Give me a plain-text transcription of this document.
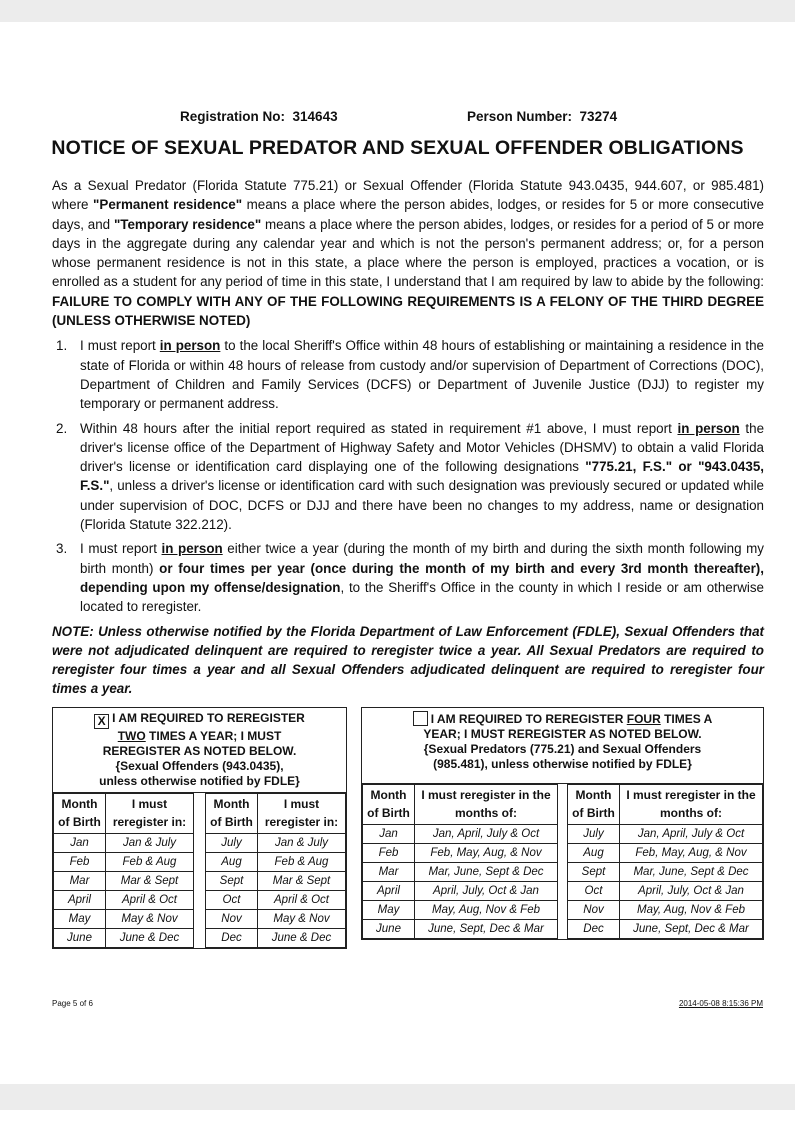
Registration No: 314643	Person Number: 73274
NOTICE OF SEXUAL PREDATOR AND SEXUAL OFFENDER OBLIGATIONS

As a Sexual Predator (Florida Statute 775.21) or Sexual Offender (Florida Statute 943.0435, 944.607, or 985.481) where "Permanent residence" means a place where the person abides, lodges, or resides for 5 or more consecutive days, and "Temporary residence" means a place where the person abides, lodges, or resides for a period of 5 or more days in the aggregate during any calendar year and which is not the person's permanent address; or, for a person whose permanent residence is not in this state, a place where the person is employed, practices a vocation, or is enrolled as a student for any period of time in this state, I understand that I am required by law to abide by the following: FAILURE TO COMPLY WITH ANY OF THE FOLLOWING REQUIREMENTS IS A FELONY OF THE THIRD DEGREE (UNLESS OTHERWISE NOTED)

1. I must report in person to the local Sheriff's Office within 48 hours of establishing or maintaining a residence in the state of Florida or within 48 hours of release from custody and/or supervision of Department of Corrections (DOC), Department of Children and Family Services (DCFS) or Department of Juvenile Justice (DJJ) to register my temporary or permanent address.
2. Within 48 hours after the initial report required as stated in requirement #1 above, I must report in person the driver's license office of the Department of Highway Safety and Motor Vehicles (DHSMV) to obtain a valid Florida driver's license or identification card displaying one of the following designations "775.21, F.S." or "943.0435, F.S.", unless a driver's license or identification card with such designation was previously secured or updated while under supervision of DOC, DCFS or DJJ and there have been no changes to my address, name or designation (Florida Statute 322.212).
3. I must report in person either twice a year (during the month of my birth and during the sixth month following my birth month) or four times per year (once during the month of my birth and every 3rd month thereafter), depending upon my offense/designation, to the Sheriff's Office in the county in which I reside or am otherwise located to reregister.

NOTE: Unless otherwise notified by the Florida Department of Law Enforcement (FDLE), Sexual Offenders that were not adjudicated delinquent are required to reregister twice a year. All Sexual Predators are required to reregister four times a year and all Sexual Offenders adjudicated delinquent are required to reregister four times a year.

X I AM REQUIRED TO REREGISTER
TWO TIMES A YEAR; I MUST
REREGISTER AS NOTED BELOW.
{Sexual Offenders (943.0435),
unless otherwise notified by FDLE}
Month of Birth	I must reregister in:
Jan	Jan & July
Feb	Feb & Aug
Mar	Mar & Sept
April	April & Oct
May	May & Nov
June	June & Dec
Month of Birth	I must reregister in:
July	Jan & July
Aug	Feb & Aug
Sept	Mar & Sept
Oct	April & Oct
Nov	May & Nov
Dec	June & Dec
I AM REQUIRED TO REREGISTER FOUR TIMES A
YEAR; I MUST REREGISTER AS NOTED BELOW.
{Sexual Predators (775.21) and Sexual Offenders
(985.481), unless otherwise notified by FDLE}
Month of Birth	I must reregister in the months of:
Jan	Jan, April, July & Oct
Feb	Feb, May, Aug, & Nov
Mar	Mar, June, Sept & Dec
April	April, July, Oct & Jan
May	May, Aug, Nov & Feb
June	June, Sept, Dec & Mar
Month of Birth	I must reregister in the months of:
July	Jan, April, July & Oct
Aug	Feb, May, Aug, & Nov
Sept	Mar, June, Sept & Dec
Oct	April, July, Oct & Jan
Nov	May, Aug, Nov & Feb
Dec	June, Sept, Dec & Mar
Page 5 of 6	2014-05-08 8:15:36 PM
